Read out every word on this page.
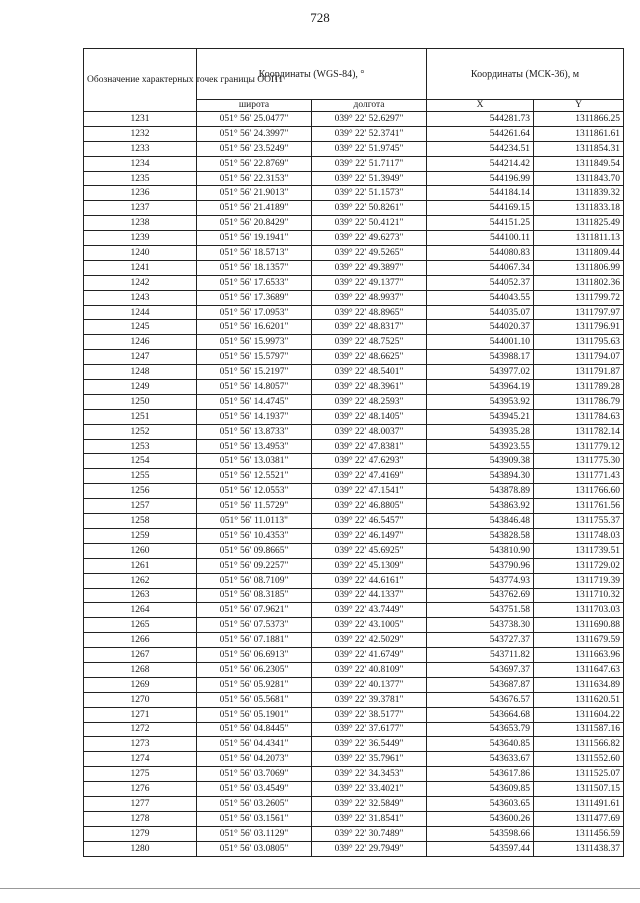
728
Обозначение характерных точек границы ООПТ	Координаты (WGS-84), °		Координаты (МСК-36), м	
	широта	долгота	X	Y
1231	051° 56' 25.0477"	039° 22' 52.6297"	544281.73	1311866.25
1232	051° 56' 24.3997"	039° 22' 52.3741"	544261.64	1311861.61
1233	051° 56' 23.5249"	039° 22' 51.9745"	544234.51	1311854.31
1234	051° 56' 22.8769"	039° 22' 51.7117"	544214.42	1311849.54
1235	051° 56' 22.3153"	039° 22' 51.3949"	544196.99	1311843.70
1236	051° 56' 21.9013"	039° 22' 51.1573"	544184.14	1311839.32
1237	051° 56' 21.4189"	039° 22' 50.8261"	544169.15	1311833.18
1238	051° 56' 20.8429"	039° 22' 50.4121"	544151.25	1311825.49
1239	051° 56' 19.1941"	039° 22' 49.6273"	544100.11	1311811.13
1240	051° 56' 18.5713"	039° 22' 49.5265"	544080.83	1311809.44
1241	051° 56' 18.1357"	039° 22' 49.3897"	544067.34	1311806.99
1242	051° 56' 17.6533"	039° 22' 49.1377"	544052.37	1311802.36
1243	051° 56' 17.3689"	039° 22' 48.9937"	544043.55	1311799.72
1244	051° 56' 17.0953"	039° 22' 48.8965"	544035.07	1311797.97
1245	051° 56' 16.6201"	039° 22' 48.8317"	544020.37	1311796.91
1246	051° 56' 15.9973"	039° 22' 48.7525"	544001.10	1311795.63
1247	051° 56' 15.5797"	039° 22' 48.6625"	543988.17	1311794.07
1248	051° 56' 15.2197"	039° 22' 48.5401"	543977.02	1311791.87
1249	051° 56' 14.8057"	039° 22' 48.3961"	543964.19	1311789.28
1250	051° 56' 14.4745"	039° 22' 48.2593"	543953.92	1311786.79
1251	051° 56' 14.1937"	039° 22' 48.1405"	543945.21	1311784.63
1252	051° 56' 13.8733"	039° 22' 48.0037"	543935.28	1311782.14
1253	051° 56' 13.4953"	039° 22' 47.8381"	543923.55	1311779.12
1254	051° 56' 13.0381"	039° 22' 47.6293"	543909.38	1311775.30
1255	051° 56' 12.5521"	039° 22' 47.4169"	543894.30	1311771.43
1256	051° 56' 12.0553"	039° 22' 47.1541"	543878.89	1311766.60
1257	051° 56' 11.5729"	039° 22' 46.8805"	543863.92	1311761.56
1258	051° 56' 11.0113"	039° 22' 46.5457"	543846.48	1311755.37
1259	051° 56' 10.4353"	039° 22' 46.1497"	543828.58	1311748.03
1260	051° 56' 09.8665"	039° 22' 45.6925"	543810.90	1311739.51
1261	051° 56' 09.2257"	039° 22' 45.1309"	543790.96	1311729.02
1262	051° 56' 08.7109"	039° 22' 44.6161"	543774.93	1311719.39
1263	051° 56' 08.3185"	039° 22' 44.1337"	543762.69	1311710.32
1264	051° 56' 07.9621"	039° 22' 43.7449"	543751.58	1311703.03
1265	051° 56' 07.5373"	039° 22' 43.1005"	543738.30	1311690.88
1266	051° 56' 07.1881"	039° 22' 42.5029"	543727.37	1311679.59
1267	051° 56' 06.6913"	039° 22' 41.6749"	543711.82	1311663.96
1268	051° 56' 06.2305"	039° 22' 40.8109"	543697.37	1311647.63
1269	051° 56' 05.9281"	039° 22' 40.1377"	543687.87	1311634.89
1270	051° 56' 05.5681"	039° 22' 39.3781"	543676.57	1311620.51
1271	051° 56' 05.1901"	039° 22' 38.5177"	543664.68	1311604.22
1272	051° 56' 04.8445"	039° 22' 37.6177"	543653.79	1311587.16
1273	051° 56' 04.4341"	039° 22' 36.5449"	543640.85	1311566.82
1274	051° 56' 04.2073"	039° 22' 35.7961"	543633.67	1311552.60
1275	051° 56' 03.7069"	039° 22' 34.3453"	543617.86	1311525.07
1276	051° 56' 03.4549"	039° 22' 33.4021"	543609.85	1311507.15
1277	051° 56' 03.2605"	039° 22' 32.5849"	543603.65	1311491.61
1278	051° 56' 03.1561"	039° 22' 31.8541"	543600.26	1311477.69
1279	051° 56' 03.1129"	039° 22' 30.7489"	543598.66	1311456.59
1280	051° 56' 03.0805"	039° 22' 29.7949"	543597.44	1311438.37
